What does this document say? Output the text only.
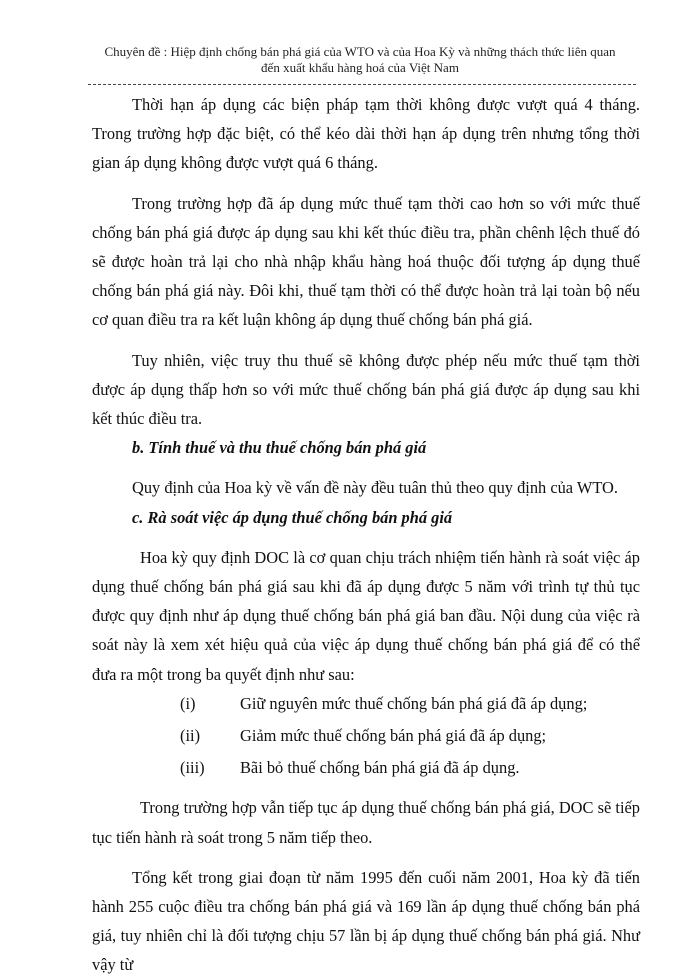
Chuyên đề : Hiệp định chống bán phá giá của WTO và của Hoa Kỳ và những thách thức liên quan
đến xuất khẩu hàng hoá của Việt Nam

Thời hạn áp dụng các biện pháp tạm thời không được vượt quá 4 tháng. Trong trường hợp đặc biệt, có thể kéo dài thời hạn áp dụng trên nhưng tổng thời gian áp dụng không được vượt quá 6 tháng.

Trong trường hợp đã áp dụng mức thuế tạm thời cao hơn so với mức thuế chống bán phá giá được áp dụng sau khi kết thúc điều tra, phần chênh lệch thuế đó sẽ được hoàn trả lại cho nhà nhập khẩu hàng hoá thuộc đối tượng áp dụng thuế chống bán phá giá này. Đôi khi, thuế tạm thời có thể được hoàn trả lại toàn bộ nếu cơ quan điều tra ra kết luận không áp dụng thuế chống bán phá giá.

Tuy nhiên, việc truy thu thuế sẽ không được phép nếu mức thuế tạm thời được áp dụng thấp hơn so với mức thuế chống bán phá giá được áp dụng sau khi kết thúc điều tra.

b. Tính thuế và thu thuế chống bán phá giá

Quy định của Hoa kỳ về vấn đề này đều tuân thủ theo quy định của WTO.

c. Rà soát việc áp dụng thuế chống bán phá giá

Hoa kỳ quy định DOC là cơ quan chịu trách nhiệm tiến hành rà soát việc áp dụng thuế chống bán phá giá sau khi đã áp dụng được 5 năm với trình tự thủ tục được quy định như áp dụng thuế chống bán phá giá ban đầu. Nội dung của việc rà soát này là xem xét hiệu quả của việc áp dụng thuế chống bán phá giá để có thể đưa ra một trong ba quyết định như sau:

(i)	Giữ nguyên mức thuế chống bán phá giá đã áp dụng;
(ii)	Giảm mức thuế chống bán phá giá đã áp dụng;
(iii)	Bãi bỏ thuế chống bán phá giá đã áp dụng.

Trong trường hợp vẫn tiếp tục áp dụng thuế chống bán phá giá, DOC sẽ tiếp tục tiến hành rà soát trong 5 năm tiếp theo.

Tổng kết trong giai đoạn từ năm 1995 đến cuối năm 2001, Hoa kỳ đã tiến hành 255 cuộc điều tra chống bán phá giá và 169 lần áp dụng thuế chống bán phá giá, tuy nhiên chỉ là đối tượng chịu 57 lần bị áp dụng thuế chống bán phá giá. Như vậy từ
